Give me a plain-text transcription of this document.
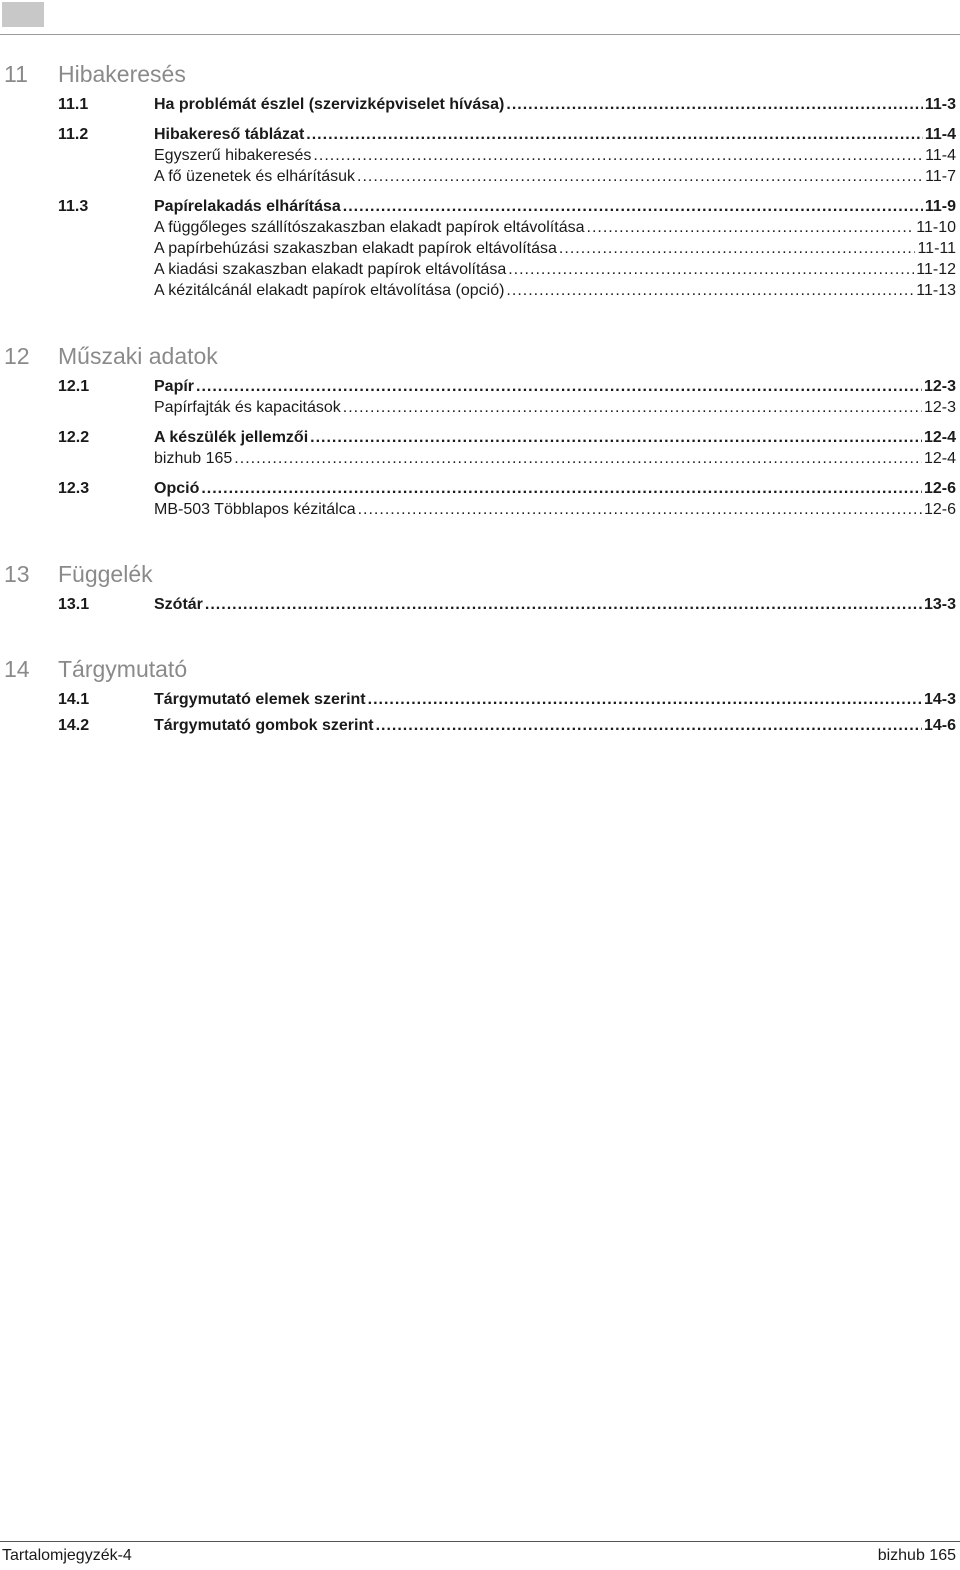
11 Hibakeresés
11.1	Ha problémát észlel (szervizképviselet hívása) .....	11-3
11.2	Hibakereső táblázat .....	11-4
Egyszerű hibakeresés .....	11-4
A fő üzenetek és elhárításuk .....	11-7
11.3	Papírelakadás elhárítása .....	11-9
A függőleges szállítószakaszban elakadt papírok eltávolítása .....	11-10
A papírbehúzási szakaszban elakadt papírok eltávolítása .....	11-11
A kiadási szakaszban elakadt papírok eltávolítása .....	11-12
A kézitálcánál elakadt papírok eltávolítása (opció) .....	11-13
12 Műszaki adatok
12.1	Papír .....	12-3
Papírfajták és kapacitások .....	12-3
12.2	A készülék jellemzői .....	12-4
bizhub 165 .....	12-4
12.3	Opció .....	12-6
MB-503 Többlapos kézitálca .....	12-6
13 Függelék
13.1	Szótár .....	13-3
14 Tárgymutató
14.1	Tárgymutató elemek szerint .....	14-3
14.2	Tárgymutató gombok szerint .....	14-6
Tartalomjegyzék-4	bizhub 165
